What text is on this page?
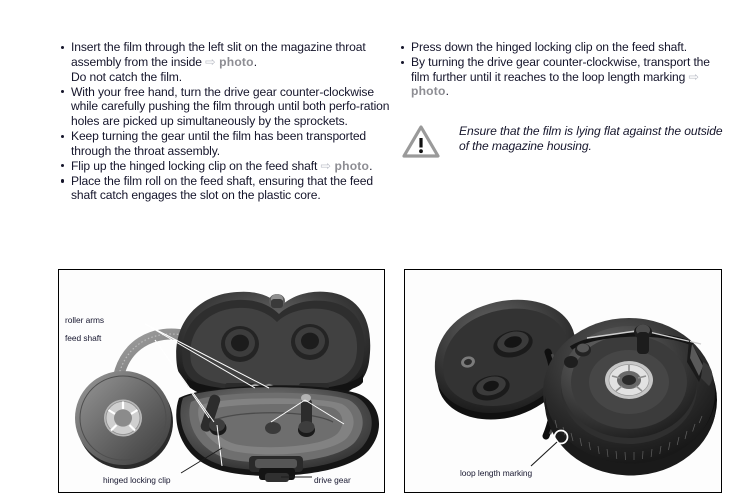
Insert the film through the left slit on the magazine throat assembly from the inside ⇨ photo.
Do not catch the film.
With your free hand, turn the drive gear counter-clockwise while carefully pushing the film through until both perfo-ration holes are picked up simultaneously by the sprockets.
Keep turning the gear until the film has been transported through the throat assembly.
Flip up the hinged locking clip on the feed shaft ⇨ photo.
Place the film roll on the feed shaft, ensuring that the feed shaft catch engages the slot on the plastic core.
Press down the hinged locking clip on the feed shaft.
By turning the drive gear counter-clockwise, transport the film further until it reaches to the loop length marking ⇨ photo.
Ensure that the film is lying flat against the outside of the magazine housing.
roller arms
feed shaft
hinged locking clip	drive gear
loop length marking
